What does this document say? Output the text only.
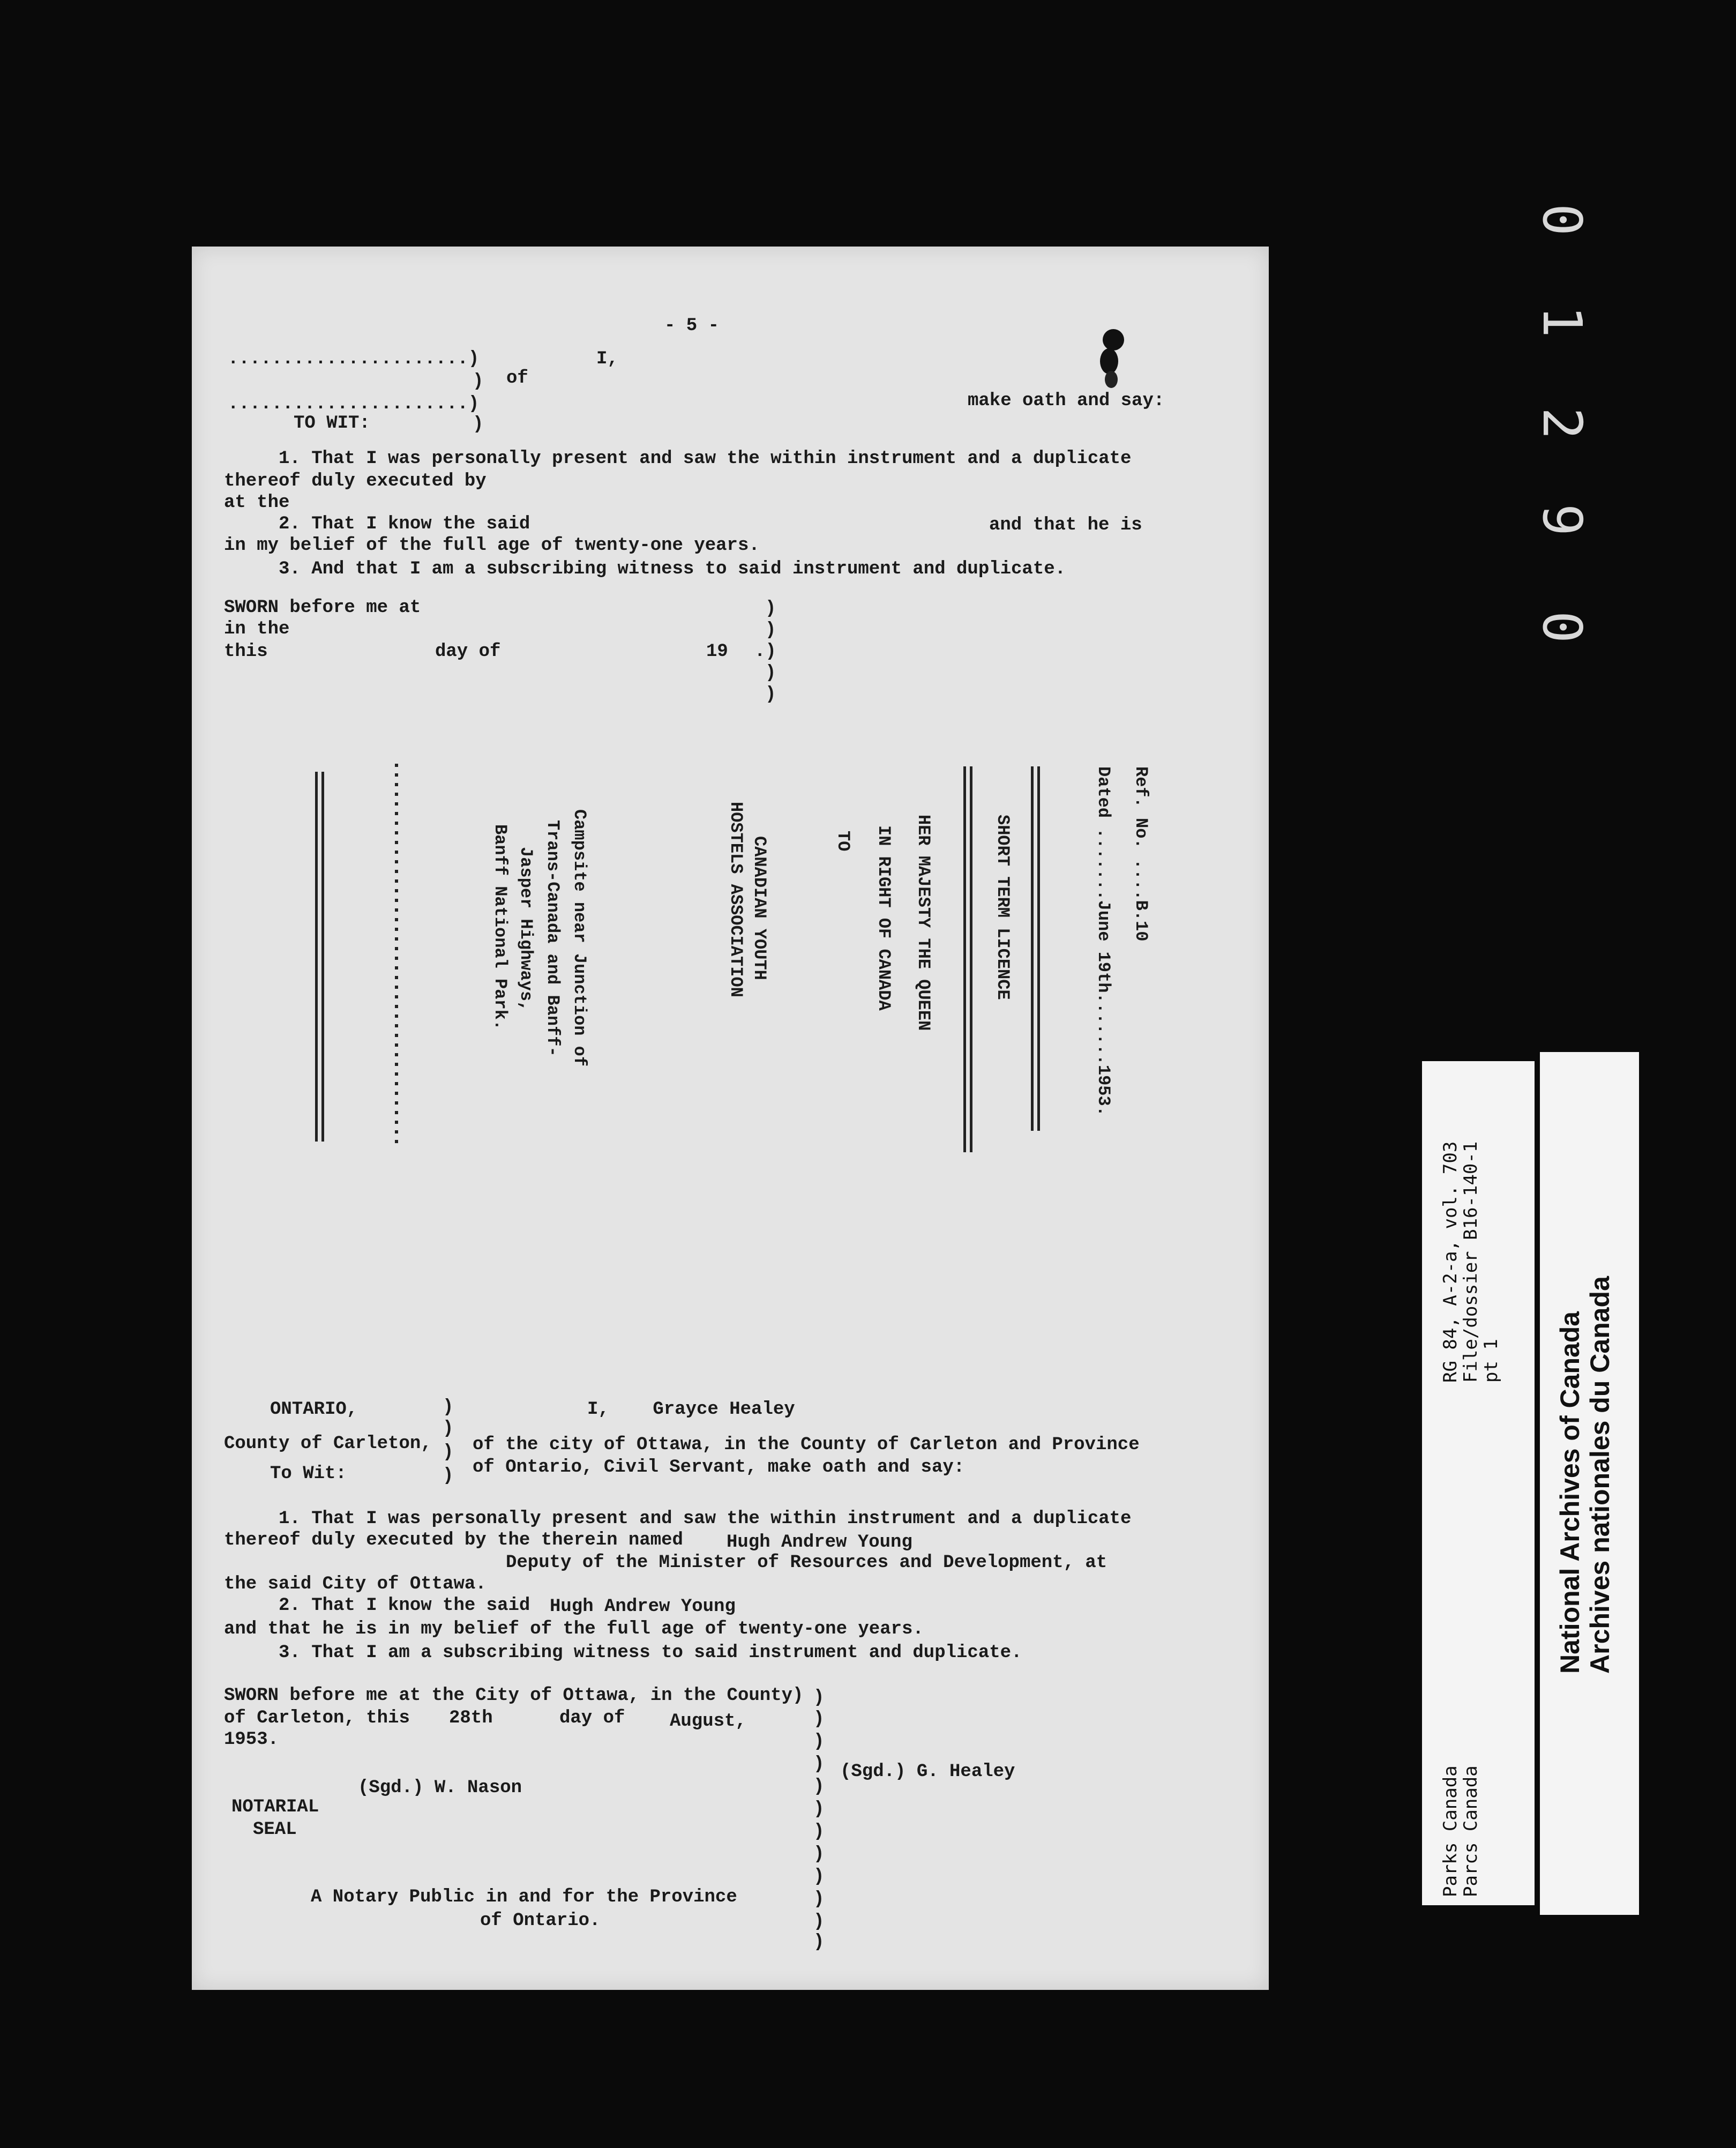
0
1
2
9
0
- 5 -
......................)	I,
) of
......................)	make oath and say:
TO WIT:	)
1. That I was personally present and saw the within instrument and a duplicate
thereof duly executed by
at the
2. That I know the said	and that he is
in my belief of the full age of twenty-one years.
3. And that I am a subscribing witness to said instrument and duplicate.
SWORN before me at
in the
this	day of	19
)
)
.)
)
)
Ref. No. ....B.10
Dated .......June 19th.......1953.
SHORT TERM LICENCE
HER MAJESTY THE QUEEN
IN RIGHT OF CANADA
TO
CANADIAN YOUTH
HOSTELS ASSOCIATION
Campsite near Junction of
Trans-Canada and Banff-
Jasper Highways,
Banff National Park.
ONTARIO,
County of Carleton,
To Wit:
)
)
)
)
I,    Grayce Healey
of the city of Ottawa, in the County of Carleton and Province
of Ontario, Civil Servant, make oath and say:
1. That I was personally present and saw the within instrument and a duplicate
thereof duly executed by the therein named Hugh Andrew Young
Deputy of the Minister of Resources and Development, at
the said City of Ottawa.
2. That I know the said Hugh Andrew Young
and that he is in my belief of the full age of twenty-one years.
3. That I am a subscribing witness to said instrument and duplicate.
SWORN before me at the City of Ottawa, in the County)
of Carleton, this 28th	day of August,
1953.
(Sgd.) W. Nason
NOTARIAL
SEAL
(Sgd.) G. Healey
A Notary Public in and for the Province
of Ontario.
)
)
)
)
)
)
)
)
)
)
)
)
RG 84, A-2-a, vol. 703
File/dossier B16-140-1
pt 1
Parks Canada
Parcs Canada
National Archives of Canada Archives nationales du Canada
